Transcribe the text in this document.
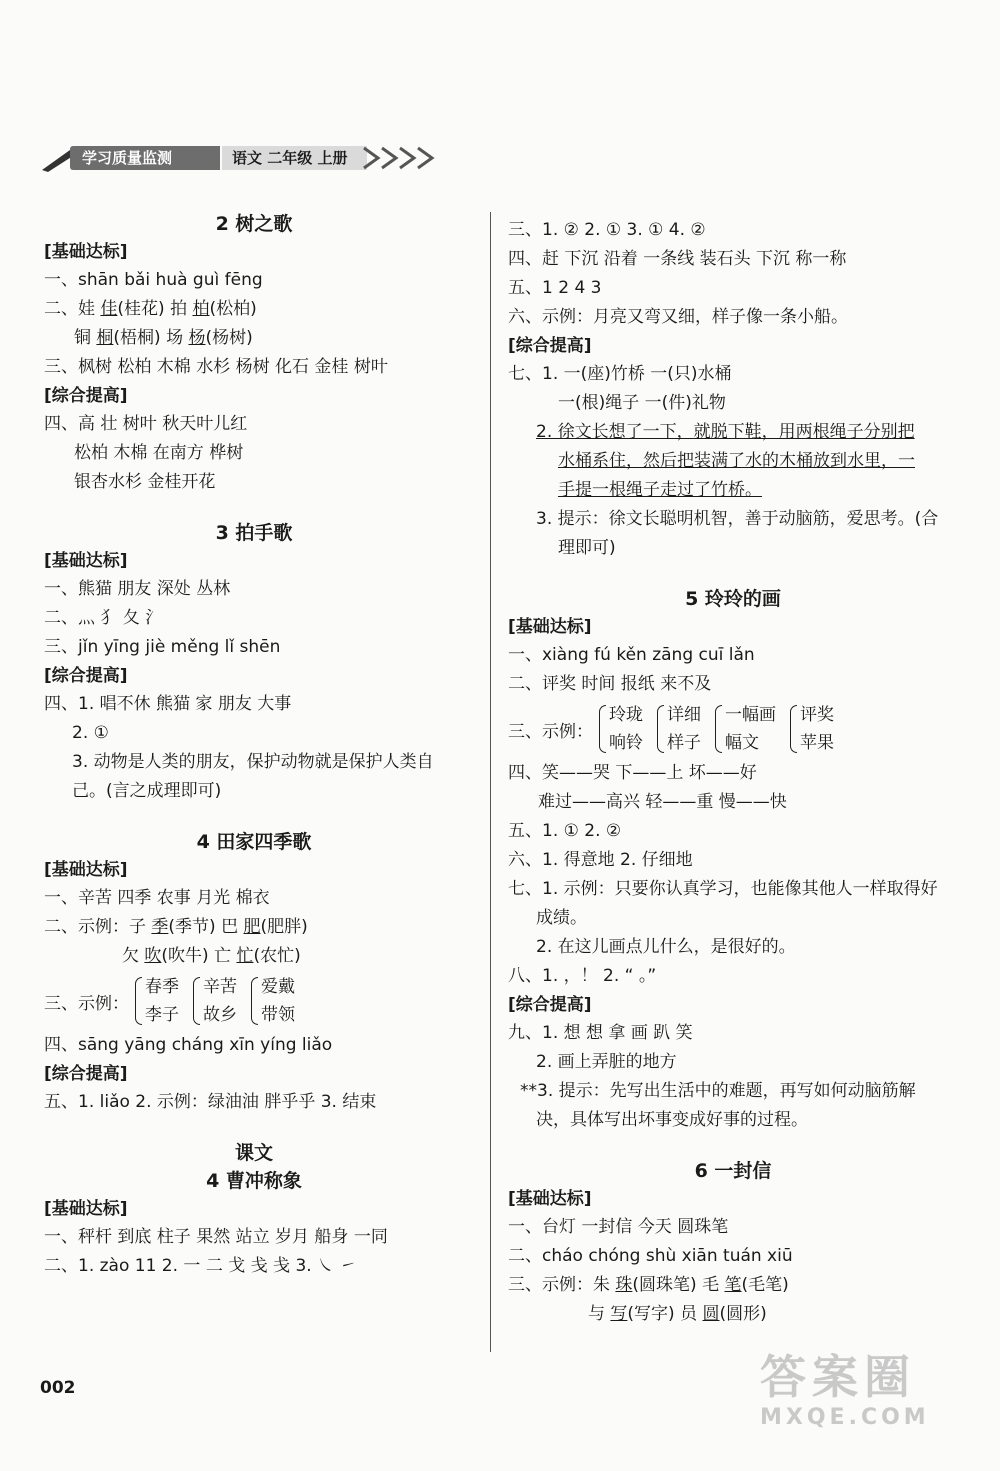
学习质量监测	语文 二年级 上册
2 树之歌
[基础达标]
一、shān bǎi huà guì fēng
二、娃 佳(桂花) 拍 柏(松柏)
铜 桐(梧桐) 场 杨(杨树)
三、枫树 松柏 木棉 水杉 杨树 化石 金桂 树叶
[综合提高]
四、高 壮 树叶 秋天叶儿红
松柏 木棉 在南方 桦树
银杏水杉 金桂开花
3 拍手歌
[基础达标]
一、熊猫 朋友 深处 丛林
二、灬 犭 夂 氵
三、jǐn yīng jiè měng lǐ shēn
[综合提高]
四、1. 唱不休 熊猫 家 朋友 大事
2. ①
3. 动物是人类的朋友，保护动物就是保护人类自
己。(言之成理即可)
4 田家四季歌
[基础达标]
一、辛苦 四季 农事 月光 棉衣
二、示例：子 季(季节) 巴 肥(肥胖)
欠 吹(吹牛) 亡 忙(农忙)
三、示例：
春季
李子
辛苦
故乡
爱戴
带领
四、sāng yāng cháng xīn yíng liǎo
[综合提高]
五、1. liǎo 2. 示例：绿油油 胖乎乎 3. 结束
课文
4 曹冲称象
[基础达标]
一、秤杆 到底 柱子 果然 站立 岁月 船身 一同
二、1. zào 11 2. ⼀ ⼆ ⼽ 戋 戋 3. ㇏ ㇀
三、1. ② 2. ① 3. ① 4. ②
四、赶 下沉 沿着 一条线 装石头 下沉 称一称
五、1 2 4 3
六、示例：月亮又弯又细，样子像一条小船。
[综合提高]
七、1. 一(座)竹桥 一(只)水桶
一(根)绳子 一(件)礼物
2. 徐文长想了一下，就脱下鞋，用两根绳子分别把
水桶系住，然后把装满了水的木桶放到水里，一
手提一根绳子走过了竹桥。
3. 提示：徐文长聪明机智，善于动脑筋，爱思考。(合
理即可)
5 玲玲的画
[基础达标]
一、xiàng fú kěn zāng cuī lǎn
二、评奖 时间 报纸 来不及
三、示例：
玲珑
响铃
详细
样子
一幅画
幅文
评奖
苹果
四、笑——哭 下——上 坏——好
难过——高兴 轻——重 慢——快
五、1. ① 2. ②
六、1. 得意地 2. 仔细地
七、1. 示例：只要你认真学习，也能像其他人一样取得好
成绩。
2. 在这儿画点儿什么，是很好的。
八、1. ，！ 2. “ 。”
[综合提高]
九、1. 想 想 拿 画 趴 笑
2. 画上弄脏的地方
**3. 提示：先写出生活中的难题，再写如何动脑筋解
决，具体写出坏事变成好事的过程。
6 一封信
[基础达标]
一、台灯 一封信 今天 圆珠笔
二、cháo chóng shù xiān tuán xiū
三、示例：朱 珠(圆珠笔) 毛 笔(毛笔)
与 写(写字) 员 圆(圆形)
002	答案圈
MXQE.COM
